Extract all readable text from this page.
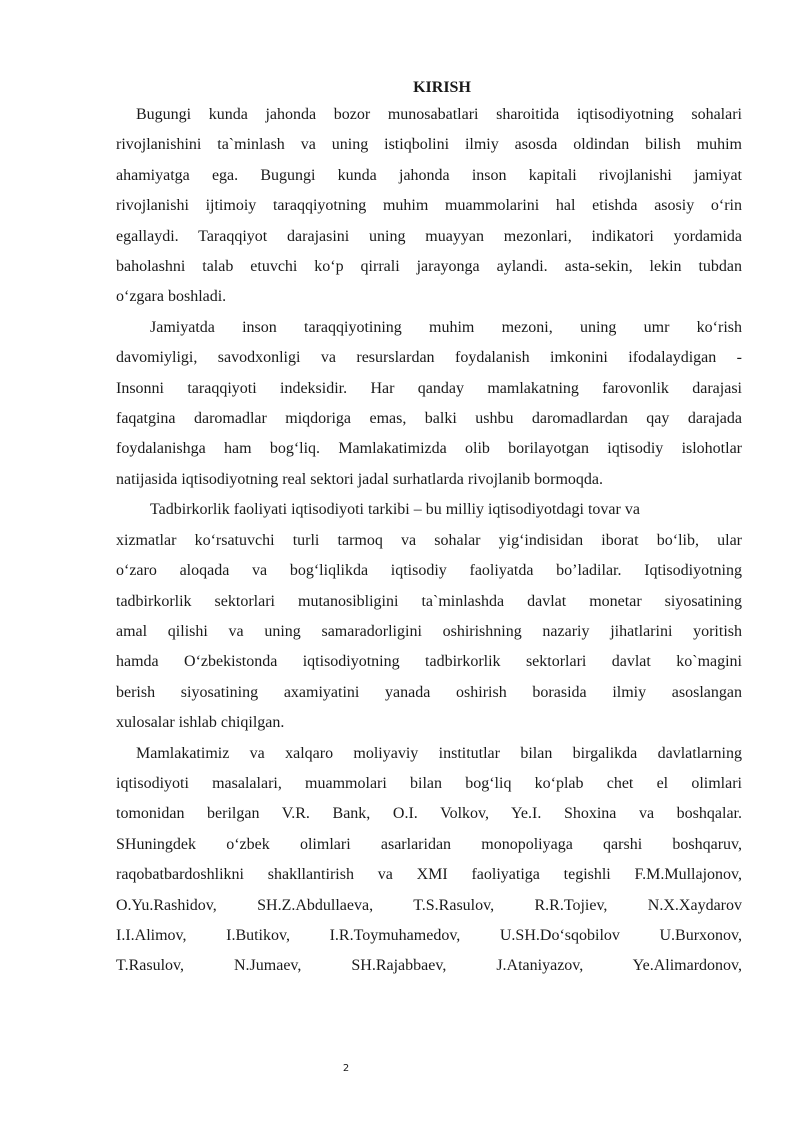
KIRISH

Bugungi kunda jahonda bozor munosabatlari sharoitida iqtisodiyotning sohalari
rivojlanishini ta`minlash va uning istiqbolini ilmiy asosda oldindan bilish muhim
ahamiyatga ega. Bugungi kunda jahonda inson kapitali rivojlanishi jamiyat
rivojlanishi ijtimoiy taraqqiyotning muhim muammolarini hal etishda asosiy o‘rin
egallaydi. Taraqqiyot darajasini uning muayyan mezonlari, indikatori yordamida
baholashni talab etuvchi ko‘p qirrali jarayonga aylandi. asta-sekin, lekin tubdan
o‘zgara boshladi.

Jamiyatda inson taraqqiyotining muhim mezoni, uning umr ko‘rish
davomiyligi, savodxonligi va resurslardan foydalanish imkonini ifodalaydigan -
Insonni taraqqiyoti indeksidir. Har qanday mamlakatning farovonlik darajasi
faqatgina daromadlar miqdoriga emas, balki ushbu daromadlardan qay darajada
foydalanishga ham bog‘liq. Mamlakatimizda olib borilayotgan iqtisodiy islohotlar
natijasida iqtisodiyotning real sektori jadal surhatlarda rivojlanib bormoqda.

Tadbirkorlik faoliyati iqtisodiyoti tarkibi – bu milliy iqtisodiyotdagi tovar va
xizmatlar ko‘rsatuvchi turli tarmoq va sohalar yig‘indisidan iborat bo‘lib, ular
o‘zaro aloqada va bog‘liqlikda iqtisodiy faoliyatda bo’ladilar. Iqtisodiyotning
tadbirkorlik sektorlari mutanosibligini ta`minlashda davlat monetar siyosatining
amal qilishi va uning samaradorligini oshirishning nazariy jihatlarini yoritish
hamda O‘zbekistonda iqtisodiyotning tadbirkorlik sektorlari davlat ko`magini
berish siyosatining axamiyatini yanada oshirish borasida ilmiy asoslangan
xulosalar ishlab chiqilgan.

Mamlakatimiz va xalqaro moliyaviy institutlar bilan birgalikda davlatlarning
iqtisodiyoti masalalari, muammolari bilan bog‘liq ko‘plab chet el olimlari
tomonidan berilgan V.R. Bank, O.I. Volkov, Ye.I. Shoxina va boshqalar.
SHuningdek o‘zbek olimlari asarlaridan monopoliyaga qarshi boshqaruv,
raqobatbardoshlikni shakllantirish va XMI faoliyatiga tegishli F.M.Mullajonov,
O.Yu.Rashidov, SH.Z.Abdullaeva, T.S.Rasulov, R.R.Tojiev, N.X.Xaydarov
I.I.Alimov, I.Butikov, I.R.Toymuhamedov, U.SH.Do‘sqobilov U.Burxonov,
T.Rasulov, N.Jumaev, SH.Rajabbaev, J.Ataniyazov, Ye.Alimardonov,

2
